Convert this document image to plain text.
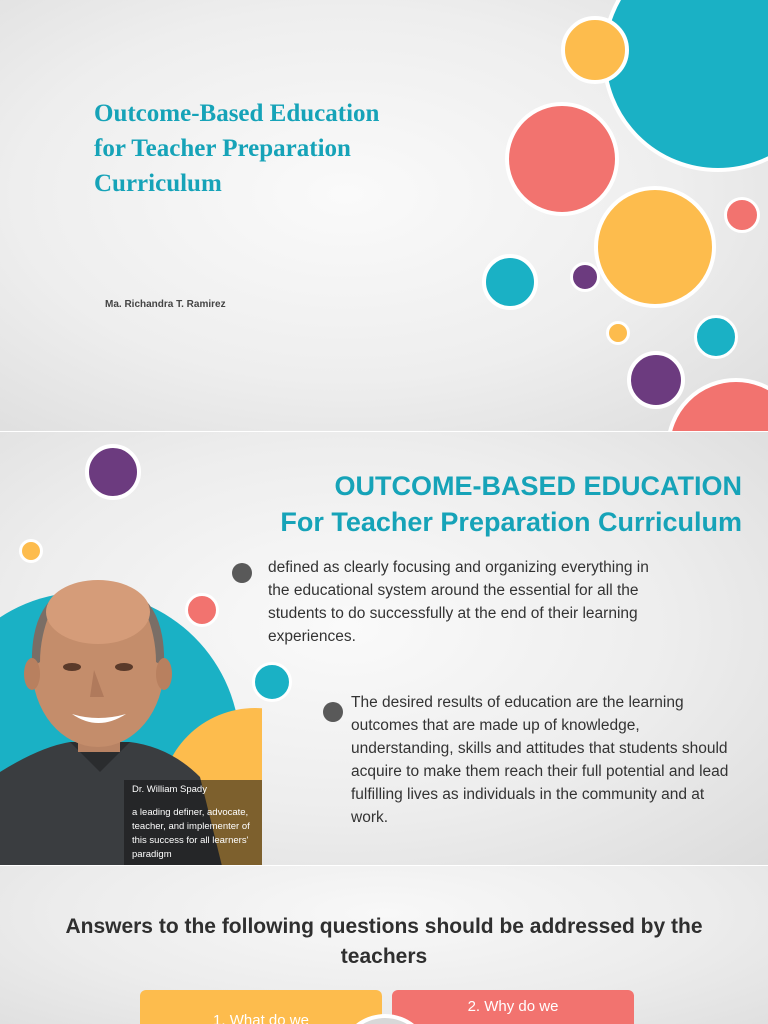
Outcome-Based Education
for Teacher Preparation
Curriculum
Ma. Richandra T. Ramirez
a leading definer, advocate, teacher, and implementer of this success for all learners' paradigm
Dr. William Spady
OUTCOME-BASED EDUCATION
For Teacher Preparation Curriculum
defined as clearly focusing and organizing everything in the educational system around the essential for all the students to do successfully at the end of their learning experiences.
The desired results of education are the learning outcomes that are made up of knowledge, understanding, skills and attitudes that students should acquire to make them reach their full potential and lead fulfilling lives as individuals in the community and at work.
Answers to the following questions should be addressed by the teachers
1. What do we
2. Why do we
